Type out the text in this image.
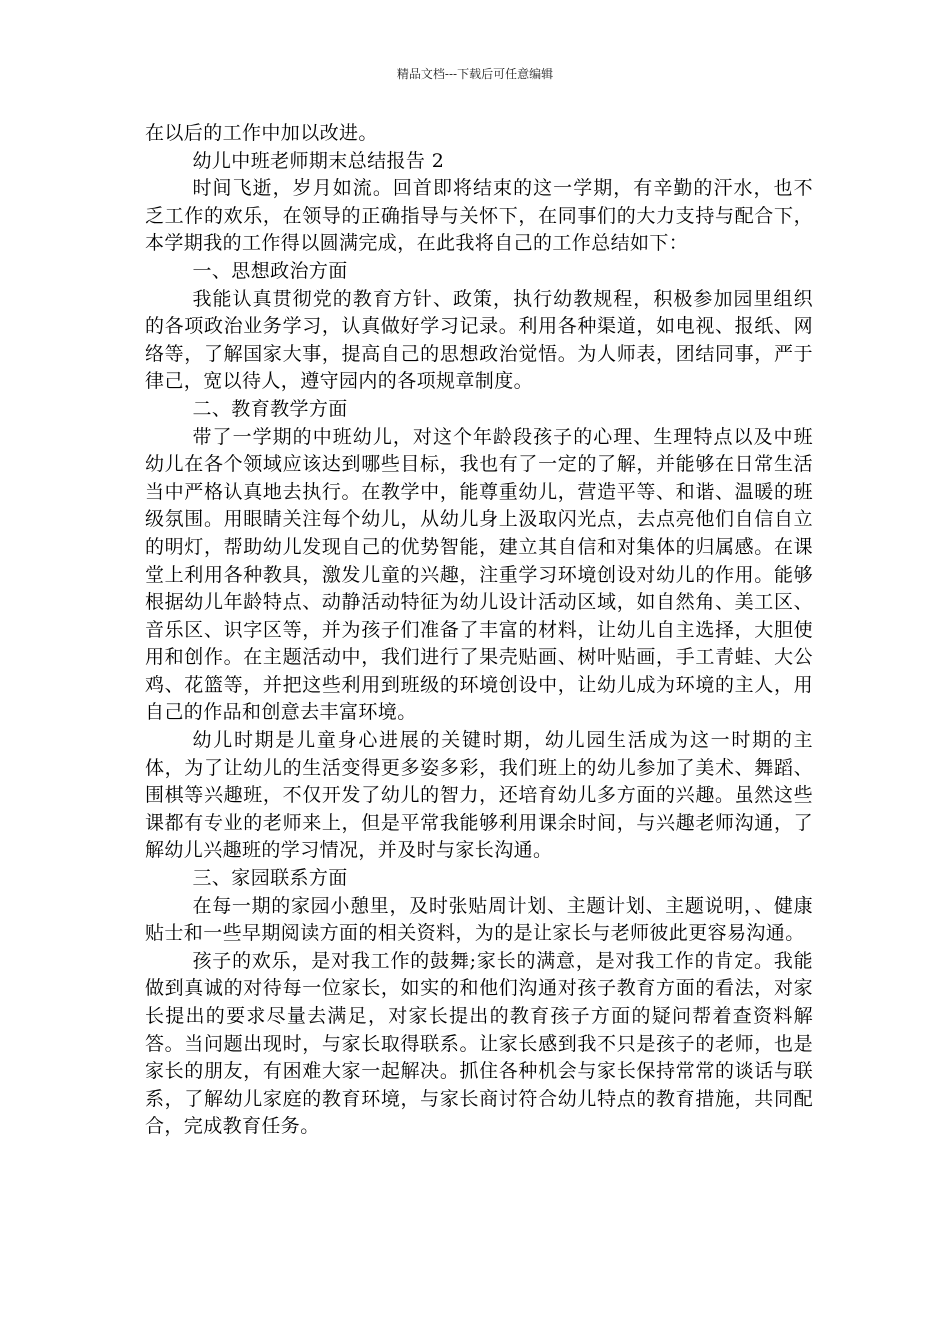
精品文档---下载后可任意编辑

在以后的工作中加以改进。

幼儿中班老师期末总结报告 2

时间飞逝，岁月如流。回首即将结束的这一学期，有辛勤的汗水，也不乏工作的欢乐，在领导的正确指导与关怀下，在同事们的大力支持与配合下，本学期我的工作得以圆满完成，在此我将自己的工作总结如下：

一、思想政治方面

我能认真贯彻党的教育方针、政策，执行幼教规程，积极参加园里组织的各项政治业务学习，认真做好学习记录。利用各种渠道，如电视、报纸、网络等，了解国家大事，提高自己的思想政治觉悟。为人师表，团结同事，严于律己，宽以待人，遵守园内的各项规章制度。

二、教育教学方面

带了一学期的中班幼儿，对这个年龄段孩子的心理、生理特点以及中班幼儿在各个领域应该达到哪些目标，我也有了一定的了解，并能够在日常生活当中严格认真地去执行。在教学中，能尊重幼儿，营造平等、和谐、温暖的班级氛围。用眼睛关注每个幼儿，从幼儿身上汲取闪光点，去点亮他们自信自立的明灯，帮助幼儿发现自己的优势智能，建立其自信和对集体的归属感。在课堂上利用各种教具，激发儿童的兴趣，注重学习环境创设对幼儿的作用。能够根据幼儿年龄特点、动静活动特征为幼儿设计活动区域，如自然角、美工区、音乐区、识字区等，并为孩子们准备了丰富的材料，让幼儿自主选择，大胆使用和创作。在主题活动中，我们进行了果壳贴画、树叶贴画，手工青蛙、大公鸡、花篮等，并把这些利用到班级的环境创设中，让幼儿成为环境的主人，用自己的作品和创意去丰富环境。

幼儿时期是儿童身心进展的关键时期，幼儿园生活成为这一时期的主体，为了让幼儿的生活变得更多姿多彩，我们班上的幼儿参加了美术、舞蹈、围棋等兴趣班，不仅开发了幼儿的智力，还培育幼儿多方面的兴趣。虽然这些课都有专业的老师来上，但是平常我能够利用课余时间，与兴趣老师沟通，了解幼儿兴趣班的学习情况，并及时与家长沟通。

三、家园联系方面

在每一期的家园小憩里，及时张贴周计划、主题计划、主题说明，、健康贴士和一些早期阅读方面的相关资料，为的是让家长与老师彼此更容易沟通。

孩子的欢乐，是对我工作的鼓舞;家长的满意，是对我工作的肯定。我能做到真诚的对待每一位家长，如实的和他们沟通对孩子教育方面的看法，对家长提出的要求尽量去满足，对家长提出的教育孩子方面的疑问帮着查资料解答。当问题出现时，与家长取得联系。让家长感到我不只是孩子的老师，也是家长的朋友，有困难大家一起解决。抓住各种机会与家长保持常常的谈话与联系，了解幼儿家庭的教育环境，与家长商讨符合幼儿特点的教育措施，共同配合，完成教育任务。
